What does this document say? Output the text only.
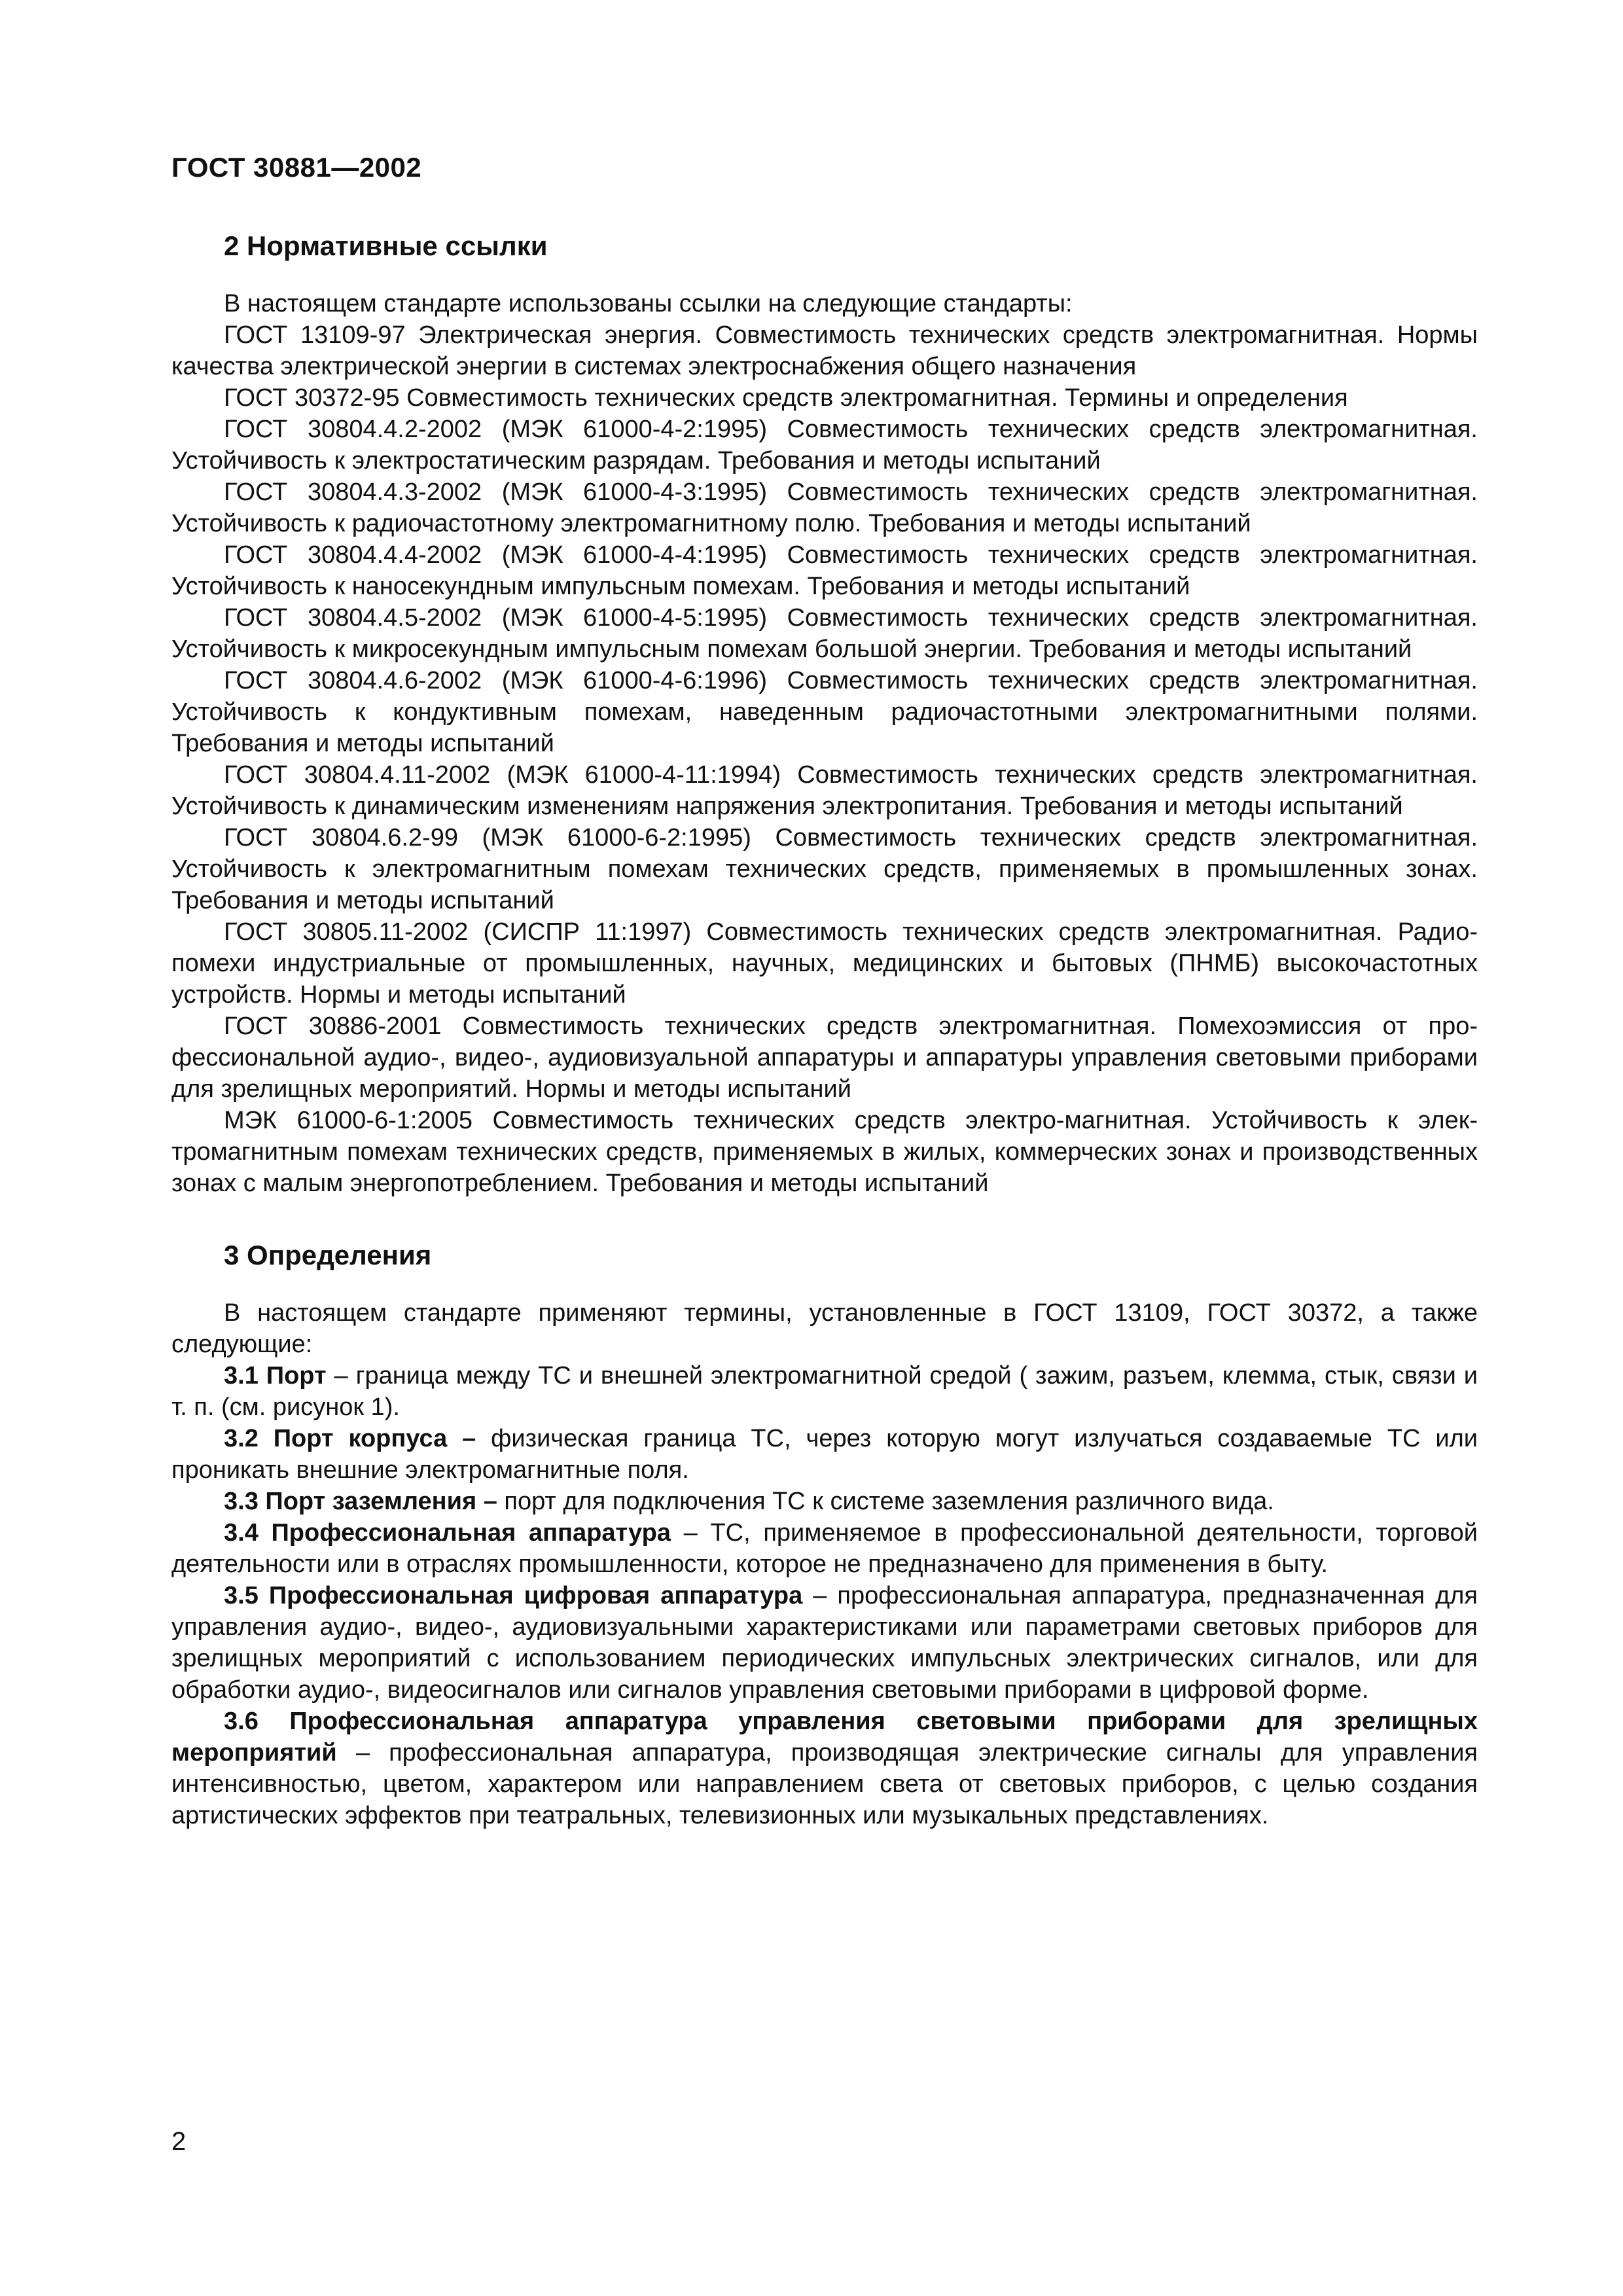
ГОСТ 30881—2002
2 Нормативные ссылки

В настоящем стандарте использованы ссылки на следующие стандарты:

ГОСТ 13109-97 Электрическая энергия. Совместимость технических средств электромагнитная. Нормы качества электрической энергии в системах электроснабжения общего назначения

ГОСТ 30372-95 Совместимость технических средств электромагнитная. Термины и определения

ГОСТ 30804.4.2-2002 (МЭК 61000-4-2:1995) Совместимость технических средств электромагнитная. Устойчивость к электростатическим разрядам. Требования и методы испытаний

ГОСТ 30804.4.3-2002 (МЭК 61000-4-3:1995) Совместимость технических средств электромагнитная. Устойчивость к радиочастотному электромагнитному полю. Требования и методы испытаний

ГОСТ 30804.4.4-2002 (МЭК 61000-4-4:1995) Совместимость технических средств электромагнитная. Устойчивость к наносекундным импульсным помехам. Требования и методы испытаний

ГОСТ 30804.4.5-2002 (МЭК 61000-4-5:1995) Совместимость технических средств электромагнитная. Устойчивость к микросекундным импульсным помехам большой энергии. Требования и методы испытаний

ГОСТ 30804.4.6-2002 (МЭК 61000-4-6:1996) Совместимость технических средств электромагнитная. Устойчивость к кондуктивным помехам, наведенным радиочастотными электромагнитными полями. Требования и методы испытаний

ГОСТ 30804.4.11-2002 (МЭК 61000-4-11:1994) Совместимость технических средств электромагнитная. Устойчивость к динамическим изменениям напряжения электропитания. Требования и методы испытаний

ГОСТ 30804.6.2-99 (МЭК 61000-6-2:1995) Совместимость технических средств электромагнитная. Устойчивость к электромагнитным помехам технических средств, применяемых в промышленных зонах. Требования и методы испытаний

ГОСТ 30805.11-2002 (СИСПР 11:1997) Совместимость технических средств электромагнитная. Радиопомехи индустриальные от промышленных, научных, медицинских и бытовых (ПНМБ) высокочастотных устройств. Нормы и методы испытаний

ГОСТ 30886-2001 Совместимость технических средств электромагнитная. Помехоэмиссия от профессиональной аудио-, видео-, аудиовизуальной аппаратуры и аппаратуры управления световыми приборами для зрелищных мероприятий. Нормы и методы испытаний

МЭК 61000-6-1:2005 Совместимость технических средств электро-магнитная. Устойчивость к электромагнитным помехам технических средств, применяемых в жилых, коммерческих зонах и производственных зонах с малым энергопотреблением. Требования и методы испытаний

3 Определения

В настоящем стандарте применяют термины, установленные в ГОСТ 13109, ГОСТ 30372, а также следующие:

3.1 Порт – граница между ТС и внешней электромагнитной средой ( зажим, разъем, клемма, стык, связи и т. п. (см. рисунок 1).

3.2 Порт корпуса – физическая граница ТС, через которую могут излучаться создаваемые ТС или проникать внешние электромагнитные поля.

3.3 Порт заземления – порт для подключения ТС к системе заземления различного вида.

3.4 Профессиональная аппаратура – ТС, применяемое в профессиональной деятельности, торговой деятельности или в отраслях промышленности, которое не предназначено для применения в быту.

3.5 Профессиональная цифровая аппаратура – профессиональная аппаратура, предназначенная для управления аудио-, видео-, аудиовизуальными характеристиками или параметрами световых приборов для зрелищных мероприятий с использованием периодических импульсных электрических сигналов, или для обработки аудио-, видеосигналов или сигналов управления световыми приборами в цифровой форме.

3.6 Профессиональная аппаратура управления световыми приборами для зрелищных мероприятий – профессиональная аппаратура, производящая электрические сигналы для управления интенсивностью, цветом, характером или направлением света от световых приборов, с целью создания артистических эффектов при театральных, телевизионных или музыкальных представлениях.

2
